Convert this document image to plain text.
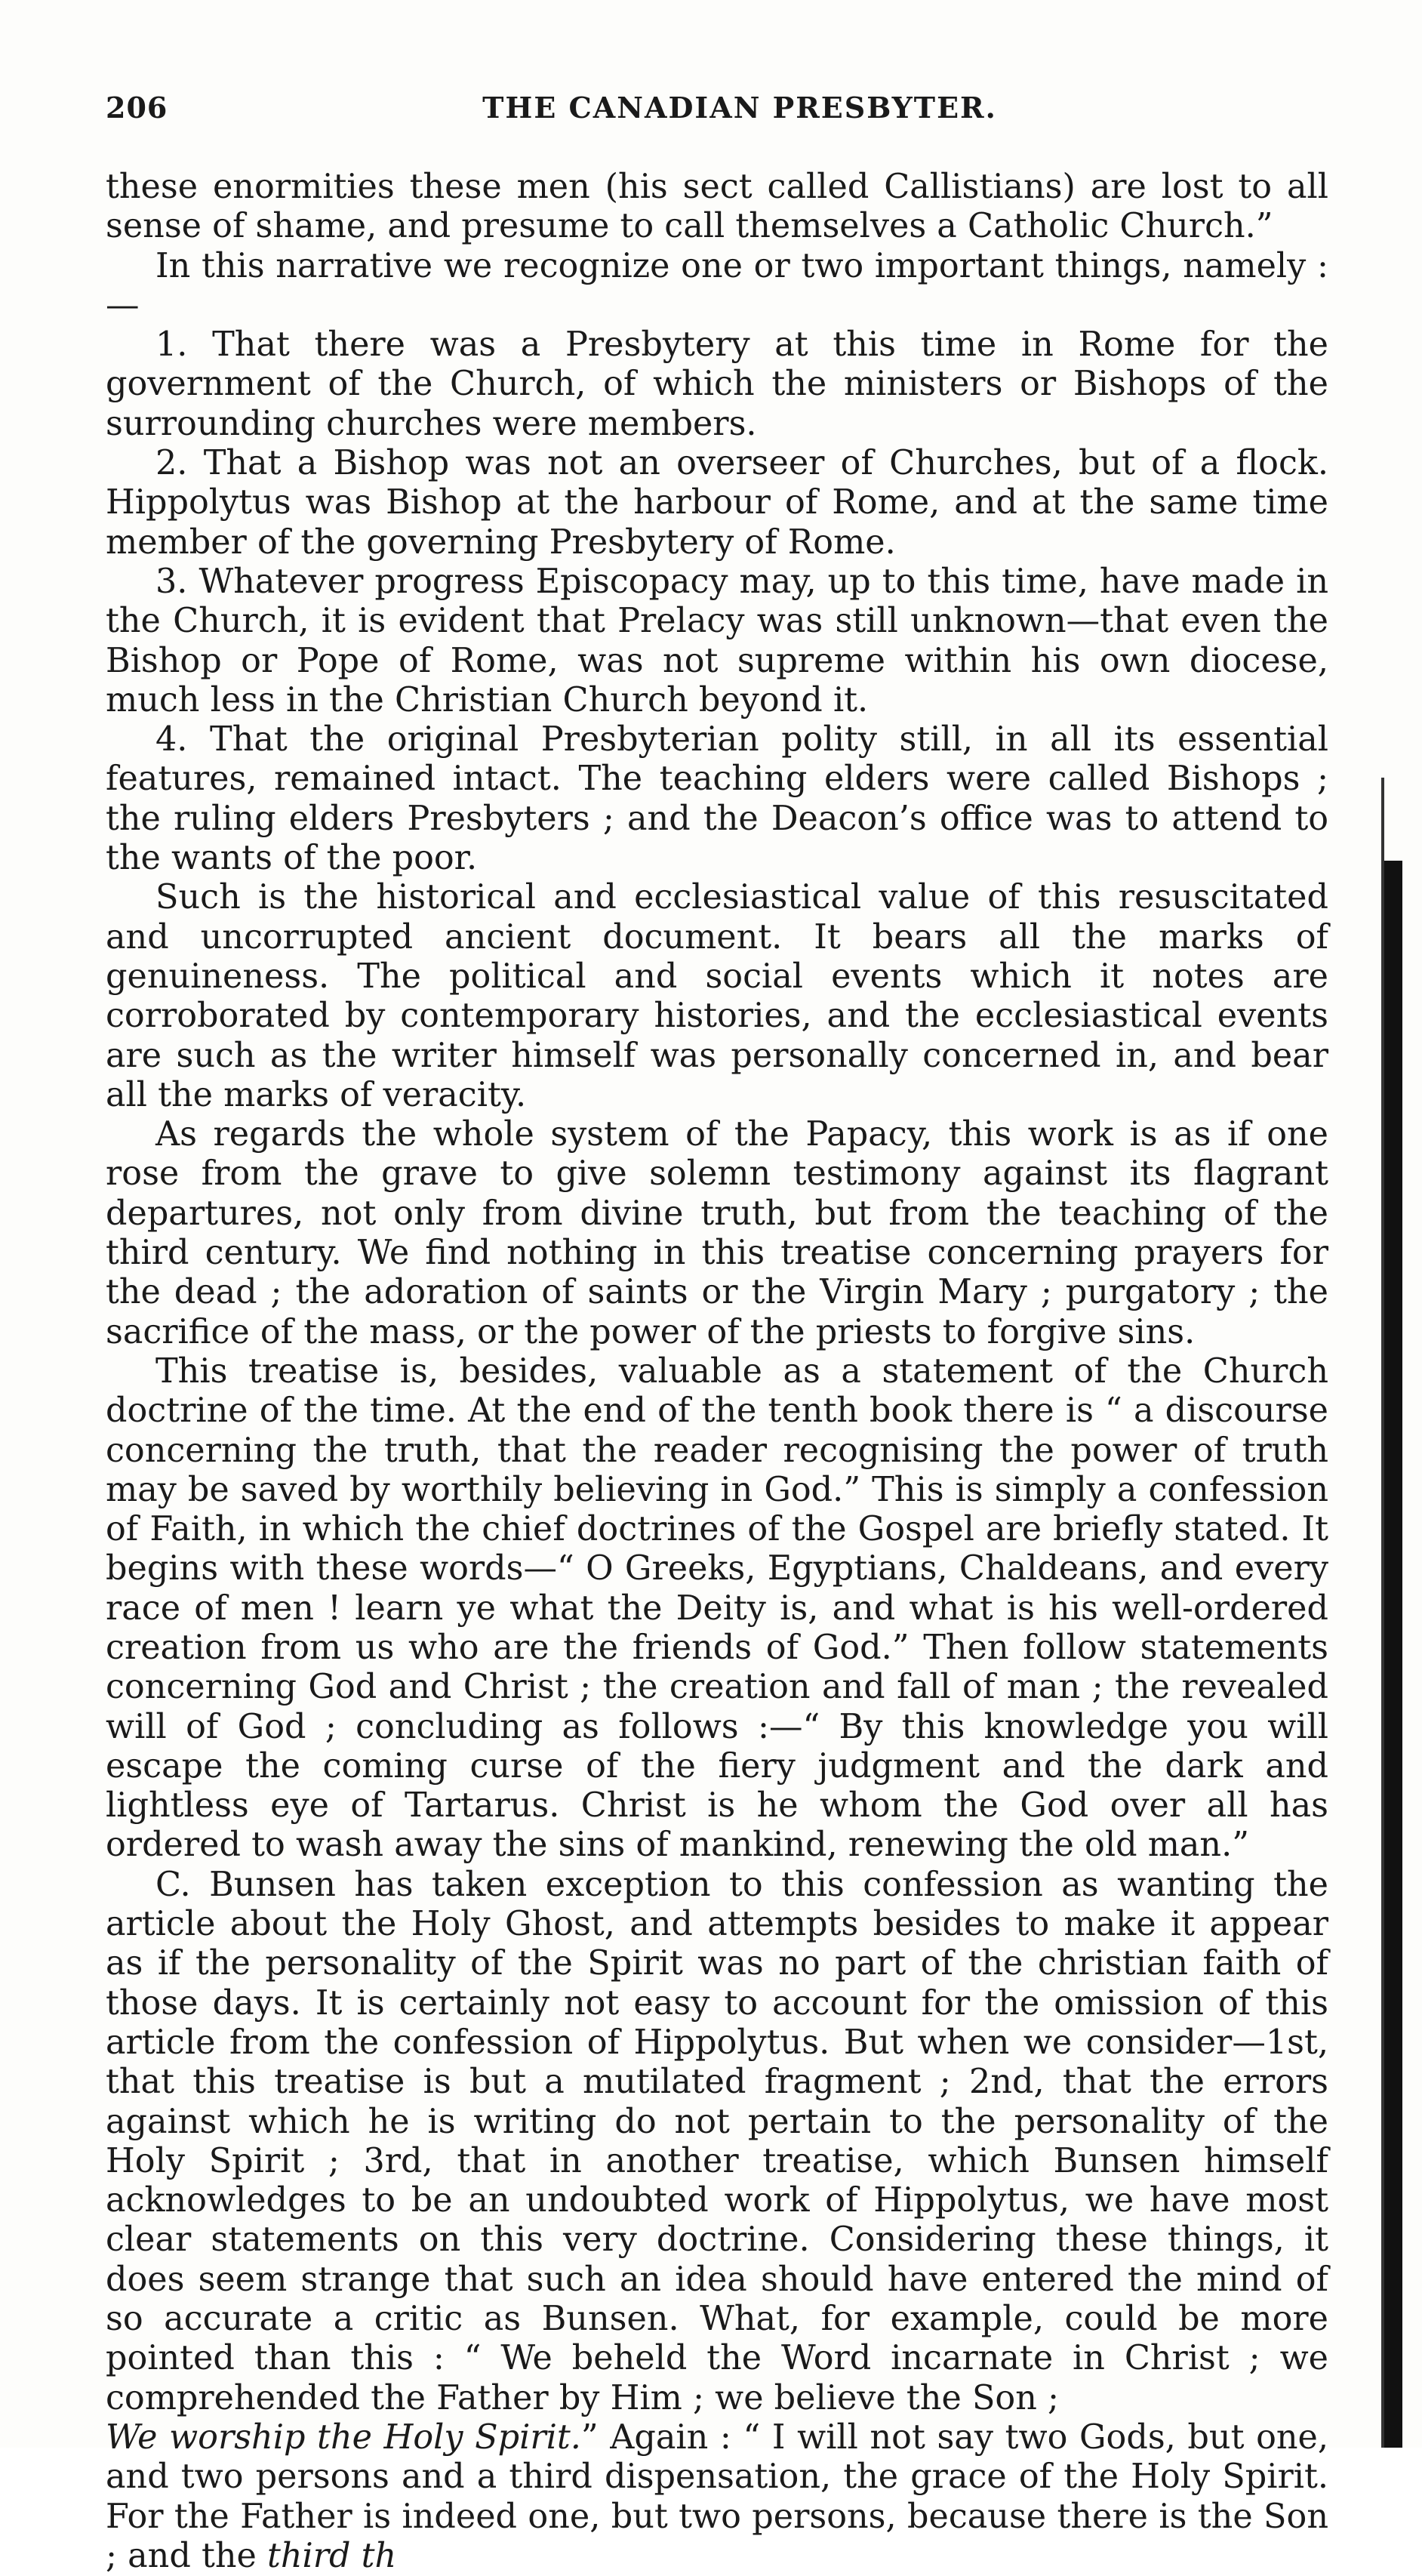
206	THE CANADIAN PRESBYTER.

these enormities these men (his sect called Callistians) are lost to all sense of shame, and presume to call themselves a Catholic Church.”

In this narrative we recognize one or two important things, namely :—

1. That there was a Presbytery at this time in Rome for the government of the Church, of which the ministers or Bishops of the surrounding churches were members.

2. That a Bishop was not an overseer of Churches, but of a flock. Hippolytus was Bishop at the harbour of Rome, and at the same time member of the governing Presbytery of Rome.

3. Whatever progress Episcopacy may, up to this time, have made in the Church, it is evident that Prelacy was still unknown—that even the Bishop or Pope of Rome, was not supreme within his own diocese, much less in the Christian Church beyond it.

4. That the original Presbyterian polity still, in all its essential features, remained intact. The teaching elders were called Bishops ; the ruling elders Presbyters ; and the Deacon’s office was to attend to the wants of the poor.

Such is the historical and ecclesiastical value of this resuscitated and uncorrupted ancient document. It bears all the marks of genuineness. The political and social events which it notes are corroborated by contemporary histories, and the ecclesiastical events are such as the writer himself was personally concerned in, and bear all the marks of veracity.

As regards the whole system of the Papacy, this work is as if one rose from the grave to give solemn testimony against its flagrant departures, not only from divine truth, but from the teaching of the third century. We find nothing in this treatise concerning prayers for the dead ; the adoration of saints or the Virgin Mary ; purgatory ; the sacrifice of the mass, or the power of the priests to forgive sins.

This treatise is, besides, valuable as a statement of the Church doctrine of the time. At the end of the tenth book there is “ a discourse concerning the truth, that the reader recognising the power of truth may be saved by worthily believing in God.” This is simply a confession of Faith, in which the chief doctrines of the Gospel are briefly stated. It begins with these words—“ O Greeks, Egyptians, Chaldeans, and every race of men ! learn ye what the Deity is, and what is his well-ordered creation from us who are the friends of God.” Then follow statements concerning God and Christ ; the creation and fall of man ; the revealed will of God ; concluding as follows :—“ By this knowledge you will escape the coming curse of the fiery judgment and the dark and lightless eye of Tartarus. Christ is he whom the God over all has ordered to wash away the sins of mankind, renewing the old man.”

C. Bunsen has taken exception to this confession as wanting the article about the Holy Ghost, and attempts besides to make it appear as if the personality of the Spirit was no part of the christian faith of those days. It is certainly not easy to account for the omission of this article from the confession of Hippolytus. But when we consider—1st, that this treatise is but a mutilated fragment ; 2nd, that the errors against which he is writing do not pertain to the personality of the Holy Spirit ; 3rd, that in another treatise, which Bunsen himself acknowledges to be an undoubted work of Hippolytus, we have most clear statements on this very doctrine. Considering these things, it does seem strange that such an idea should have entered the mind of so accurate a critic as Bunsen. What, for example, could be more pointed than this : “ We beheld the Word incarnate in Christ ; we comprehended the Father by Him ; we believe the Son ;

We worship the Holy Spirit.” Again : “ I will not say two Gods, but one, and two persons and a third dispensation, the grace of the Holy Spirit. For the Father is indeed one, but two persons, because there is the Son ; and the third th
